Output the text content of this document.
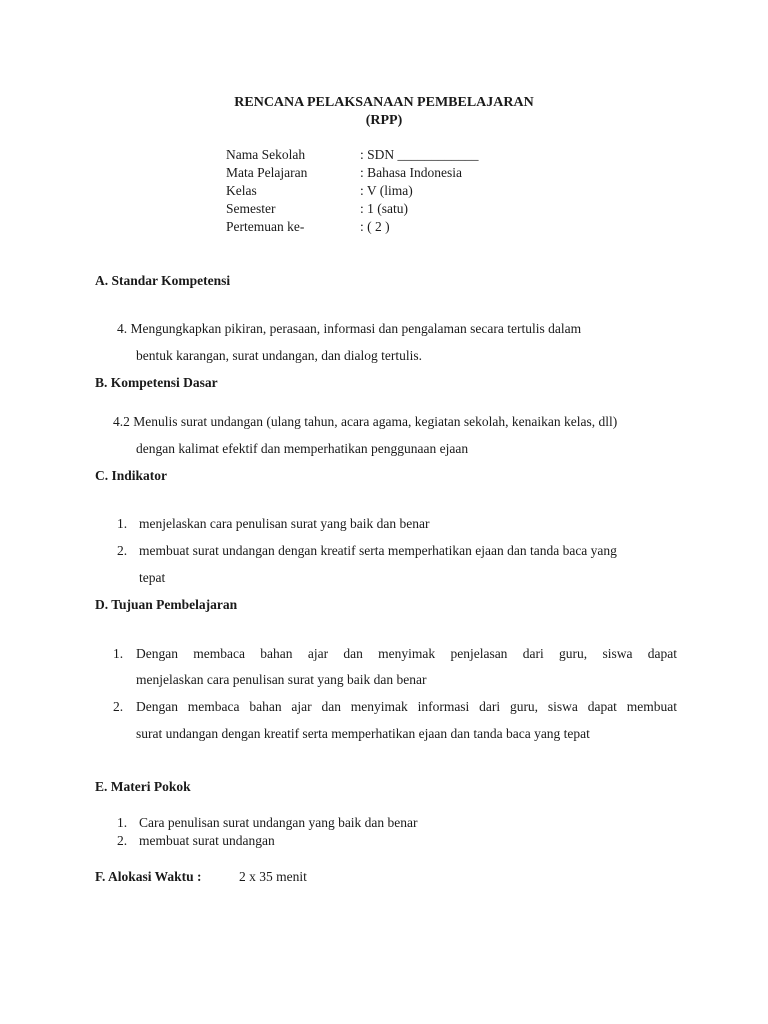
RENCANA PELAKSANAAN PEMBELAJARAN
(RPP)
Nama Sekolah	: SDN ____________
Mata Pelajaran	: Bahasa Indonesia
Kelas	: V (lima)
Semester	: 1 (satu)
Pertemuan ke-	: ( 2 )
A. Standar Kompetensi
4. Mengungkapkan pikiran, perasaan, informasi dan pengalaman secara tertulis dalam
bentuk karangan, surat undangan, dan dialog tertulis.
B. Kompetensi Dasar
4.2 Menulis surat undangan (ulang tahun, acara agama, kegiatan sekolah, kenaikan kelas, dll)
dengan kalimat efektif dan memperhatikan penggunaan ejaan
C. Indikator
1. menjelaskan cara penulisan surat yang baik dan benar
2. membuat surat undangan dengan kreatif serta memperhatikan ejaan dan tanda baca yang
tepat
D. Tujuan Pembelajaran
1. Dengan membaca bahan ajar dan menyimak penjelasan dari guru, siswa dapat
menjelaskan cara penulisan surat yang baik dan benar
2. Dengan membaca bahan ajar dan menyimak informasi dari guru, siswa dapat membuat
surat undangan dengan kreatif serta memperhatikan ejaan dan tanda baca yang tepat
E. Materi Pokok
1. Cara penulisan surat undangan yang baik dan benar
2. membuat surat undangan
F. Alokasi Waktu :	2 x 35 menit
